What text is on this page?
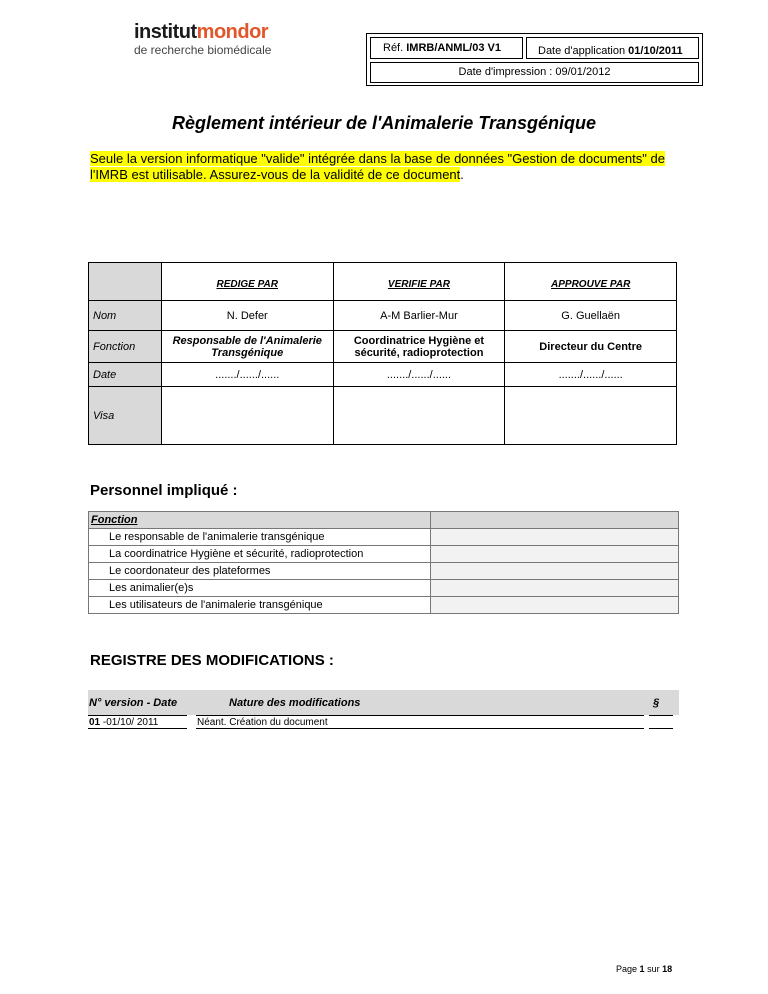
institutmondor
de recherche biomédicale	Réf. IMRB/ANML/03 V1	Date d'application 01/10/2011
Date d'impression : 09/01/2012
Règlement intérieur de l'Animalerie Transgénique
Seule la version informatique "valide" intégrée dans la base de données "Gestion de documents" de l'IMRB est utilisable. Assurez-vous de la validité de ce document.
	REDIGE PAR	VERIFIE PAR	APPROUVE PAR
Nom	N. Defer	A-M Barlier-Mur	G. Guellaën
Fonction	Responsable de l'Animalerie Transgénique	Coordinatrice Hygiène et sécurité, radioprotection	Directeur du Centre
Date	......./....../......	......./....../......	......./....../......
Visa			
Personnel impliqué :
Fonction	
Le responsable de l'animalerie transgénique	
La coordinatrice Hygiène et sécurité, radioprotection	
Le coordonateur des plateformes	
Les animalier(e)s	
Les utilisateurs de l'animalerie transgénique	
REGISTRE DES MODIFICATIONS :
N° version - Date	Nature des modifications	§
01 -01/10/ 2011	Néant. Création du document
Page 1 sur 18
